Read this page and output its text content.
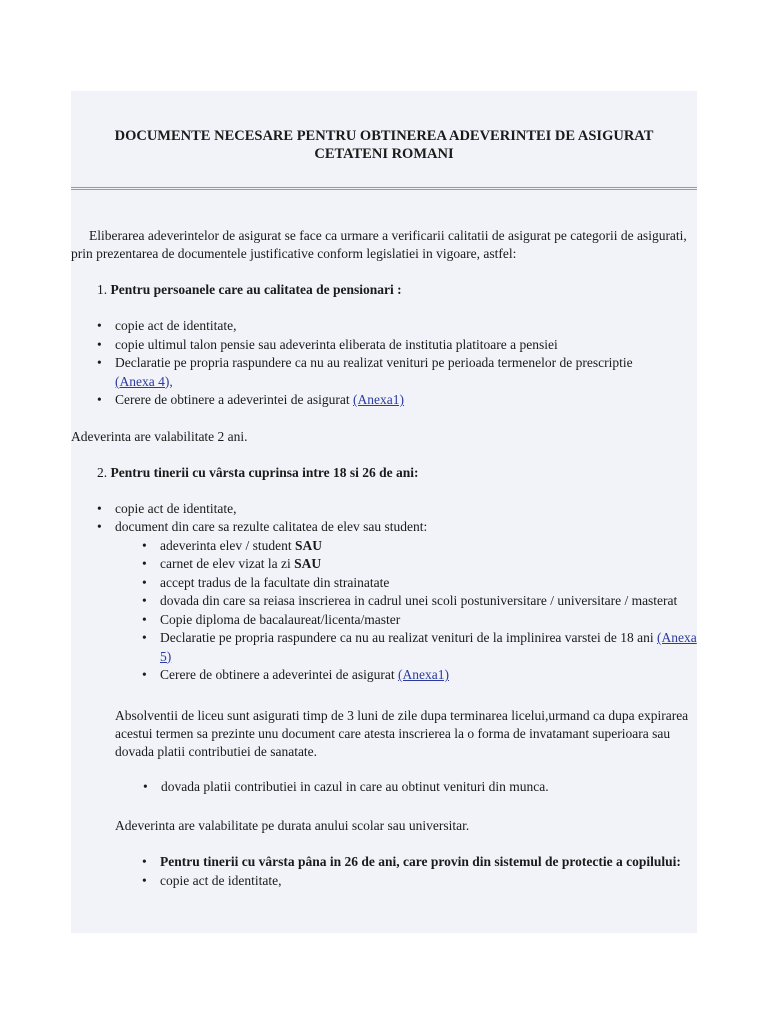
DOCUMENTE NECESARE PENTRU OBTINEREA ADEVERINTEI DE ASIGURAT
CETATENI ROMANI
Eliberarea adeverintelor de asigurat se face ca urmare a verificarii calitatii de asigurat pe categorii de asigurati, prin prezentarea de documentele justificative conform legislatiei in vigoare, astfel:
1. Pentru persoanele care au calitatea de pensionari :
• copie act de identitate,
• copie ultimul talon pensie sau adeverinta eliberata de institutia platitoare a pensiei
• Declaratie pe propria raspundere ca nu au realizat venituri pe perioada termenelor de prescriptie
(Anexa 4),
• Cerere de obtinere a adeverintei de asigurat (Anexa1)
Adeverinta are valabilitate 2 ani.
2. Pentru tinerii cu vârsta cuprinsa intre 18 si 26 de ani:
• copie act de identitate,
• document din care sa rezulte calitatea de elev sau student:
• adeverinta elev / student SAU
• carnet de elev vizat la zi SAU
• accept tradus de la facultate din strainatate
• dovada din care sa reiasa inscrierea in cadrul unei scoli postuniversitare / universitare / masterat
• Copie diploma de bacalaureat/licenta/master
• Declaratie pe propria raspundere ca nu au realizat venituri de la implinirea varstei de 18 ani (Anexa 5)
• Cerere de obtinere a adeverintei de asigurat (Anexa1)
Absolventii de liceu sunt asigurati timp de 3 luni de zile dupa terminarea licelui,urmand ca dupa expirarea acestui termen sa prezinte unu document care atesta inscrierea la o forma de invatamant superioara sau dovada platii contributiei de sanatate.
• dovada platii contributiei in cazul in care au obtinut venituri din munca.
Adeverinta are valabilitate pe durata anului scolar sau universitar.
• Pentru tinerii cu vârsta pâna in 26 de ani, care provin din sistemul de protectie a copilului:
• copie act de identitate,
